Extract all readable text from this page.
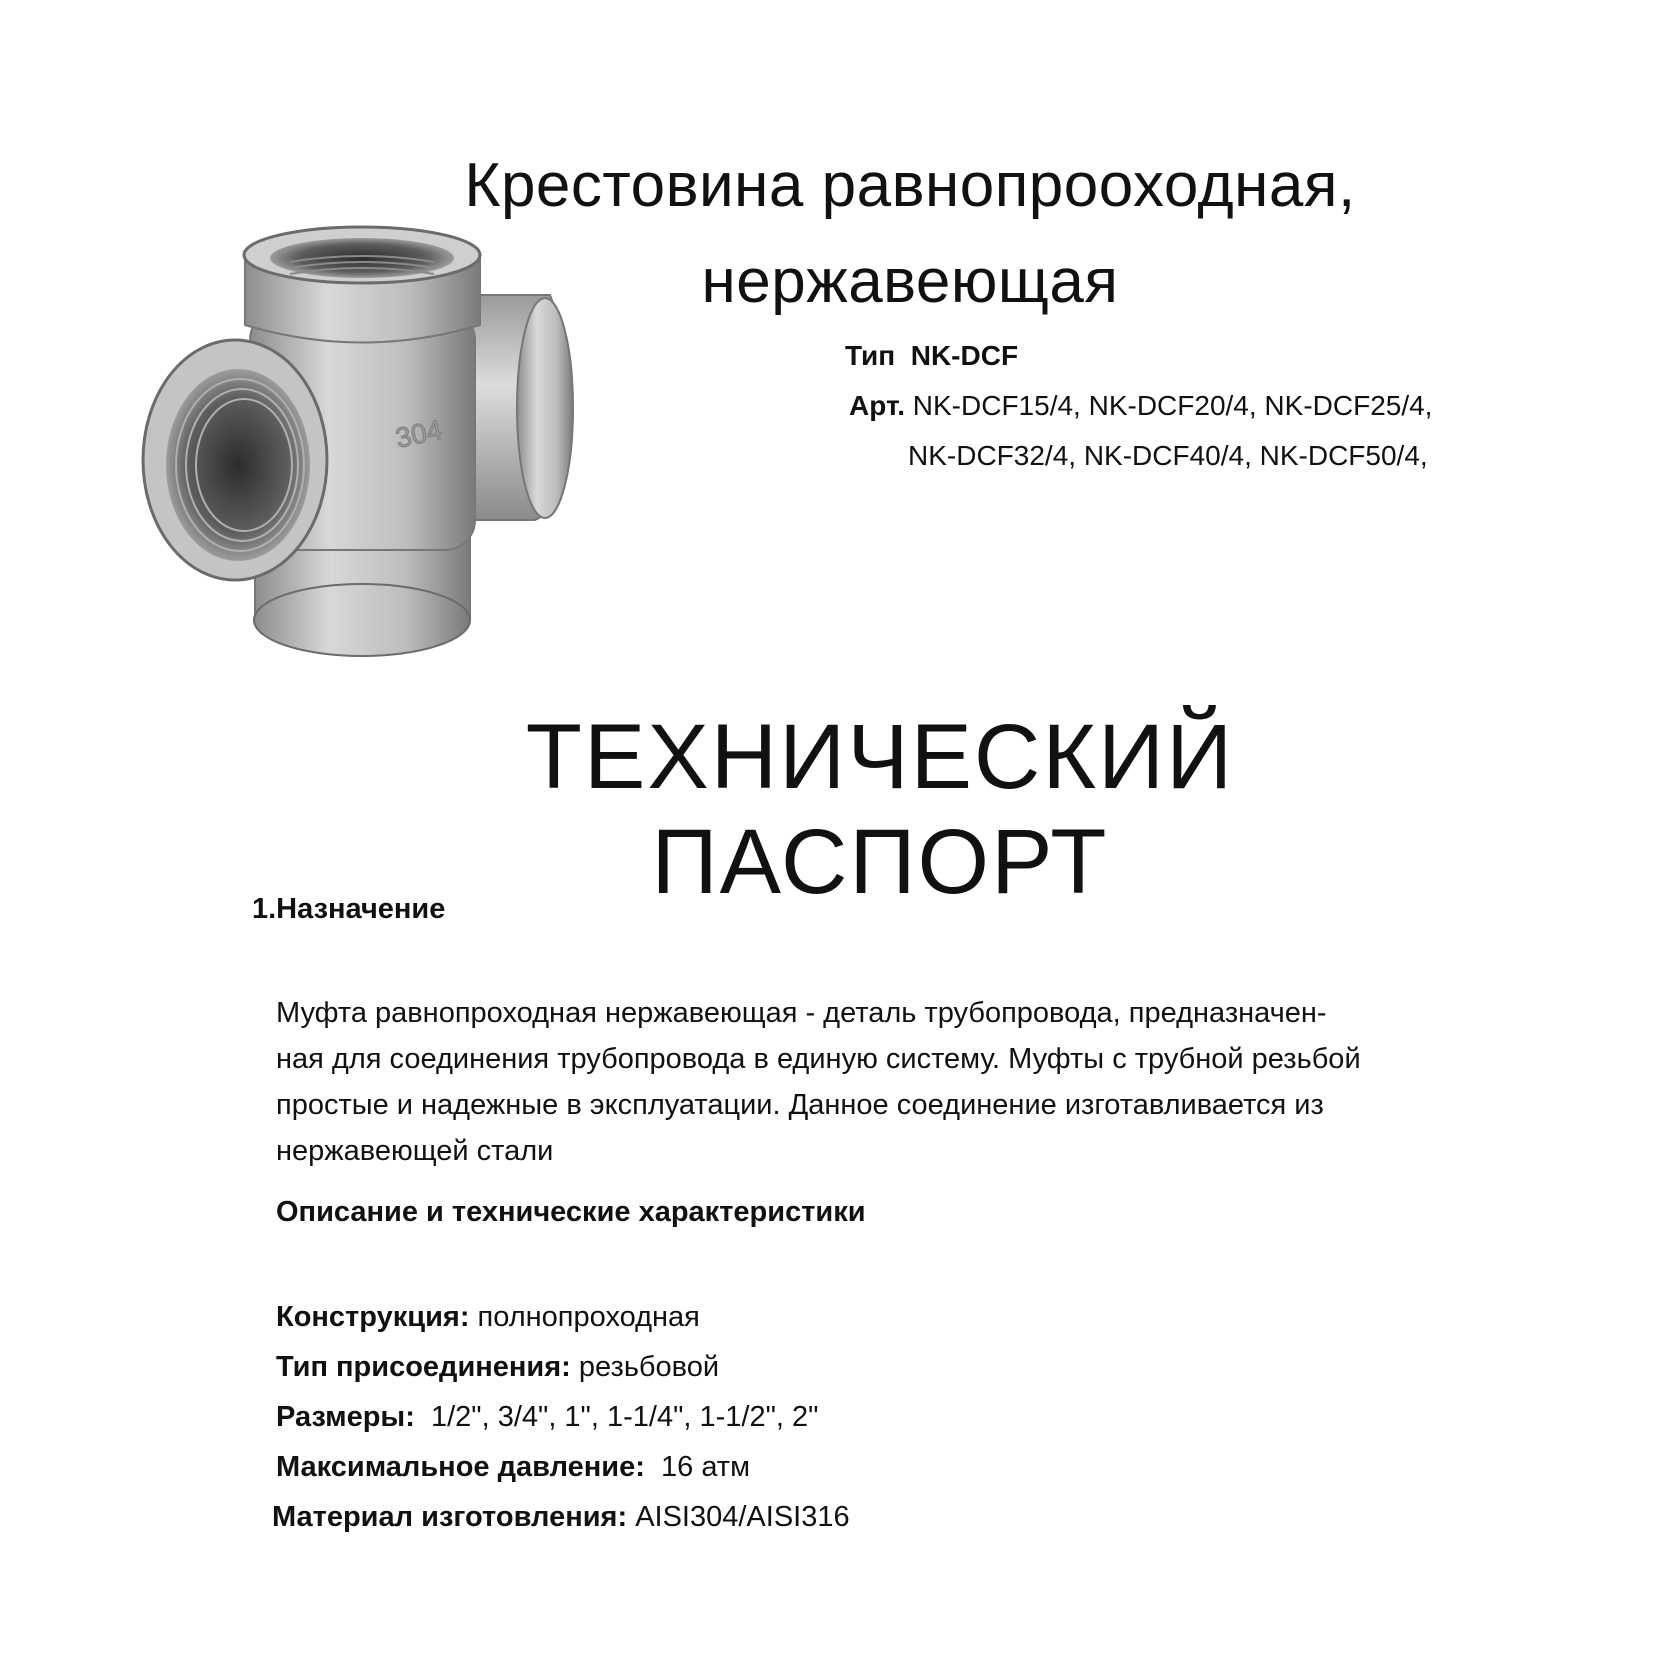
Крестовина равнопрооходная,
нержавеющая
304
Тип NK-DCF
Арт. NK-DCF15/4, NK-DCF20/4, NK-DCF25/4,
NK-DCF32/4, NK-DCF40/4, NK-DCF50/4,
ТЕХНИЧЕСКИЙ ПАСПОРТ
1.Назначение

Муфта равнопроходная нержавеющая - деталь трубопровода, предназначен-
ная для соединения трубопровода в единую систему. Муфты с трубной резьбой
простые и надежные в эксплуатации. Данное соединение изготавливается из
нержавеющей стали

Описание и технические характеристики
Конструкция: полнопроходная
Тип присоединения: резьбовой
Размеры: 1/2", 3/4", 1", 1-1/4", 1-1/2", 2"
Максимальное давление: 16 атм
Материал изготовления: AISI304/AISI316
